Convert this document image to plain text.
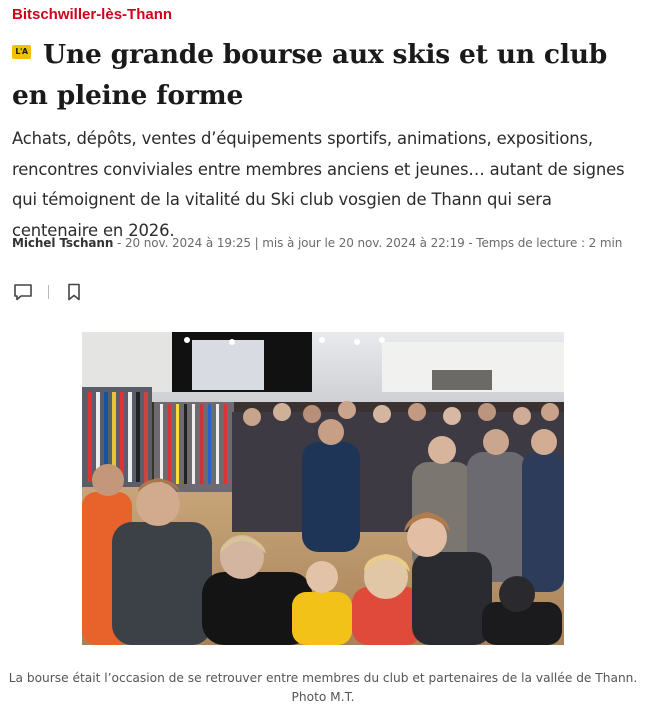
Bitschwiller-lès-Thann
L'A Une grande bourse aux skis et un club en pleine forme

Achats, dépôts, ventes d’équipements sportifs, animations, expositions, rencontres conviviales entre membres anciens et jeunes… autant de signes qui témoignent de la vitalité du Ski club vosgien de Thann qui sera centenaire en 2026.

Michel Tschann - 20 nov. 2024 à 19:25 | mis à jour le 20 nov. 2024 à 22:19 - Temps de lecture : 2 min
La bourse était l’occasion de se retrouver entre membres du club et partenaires de la vallée de Thann.
Photo M.T.
